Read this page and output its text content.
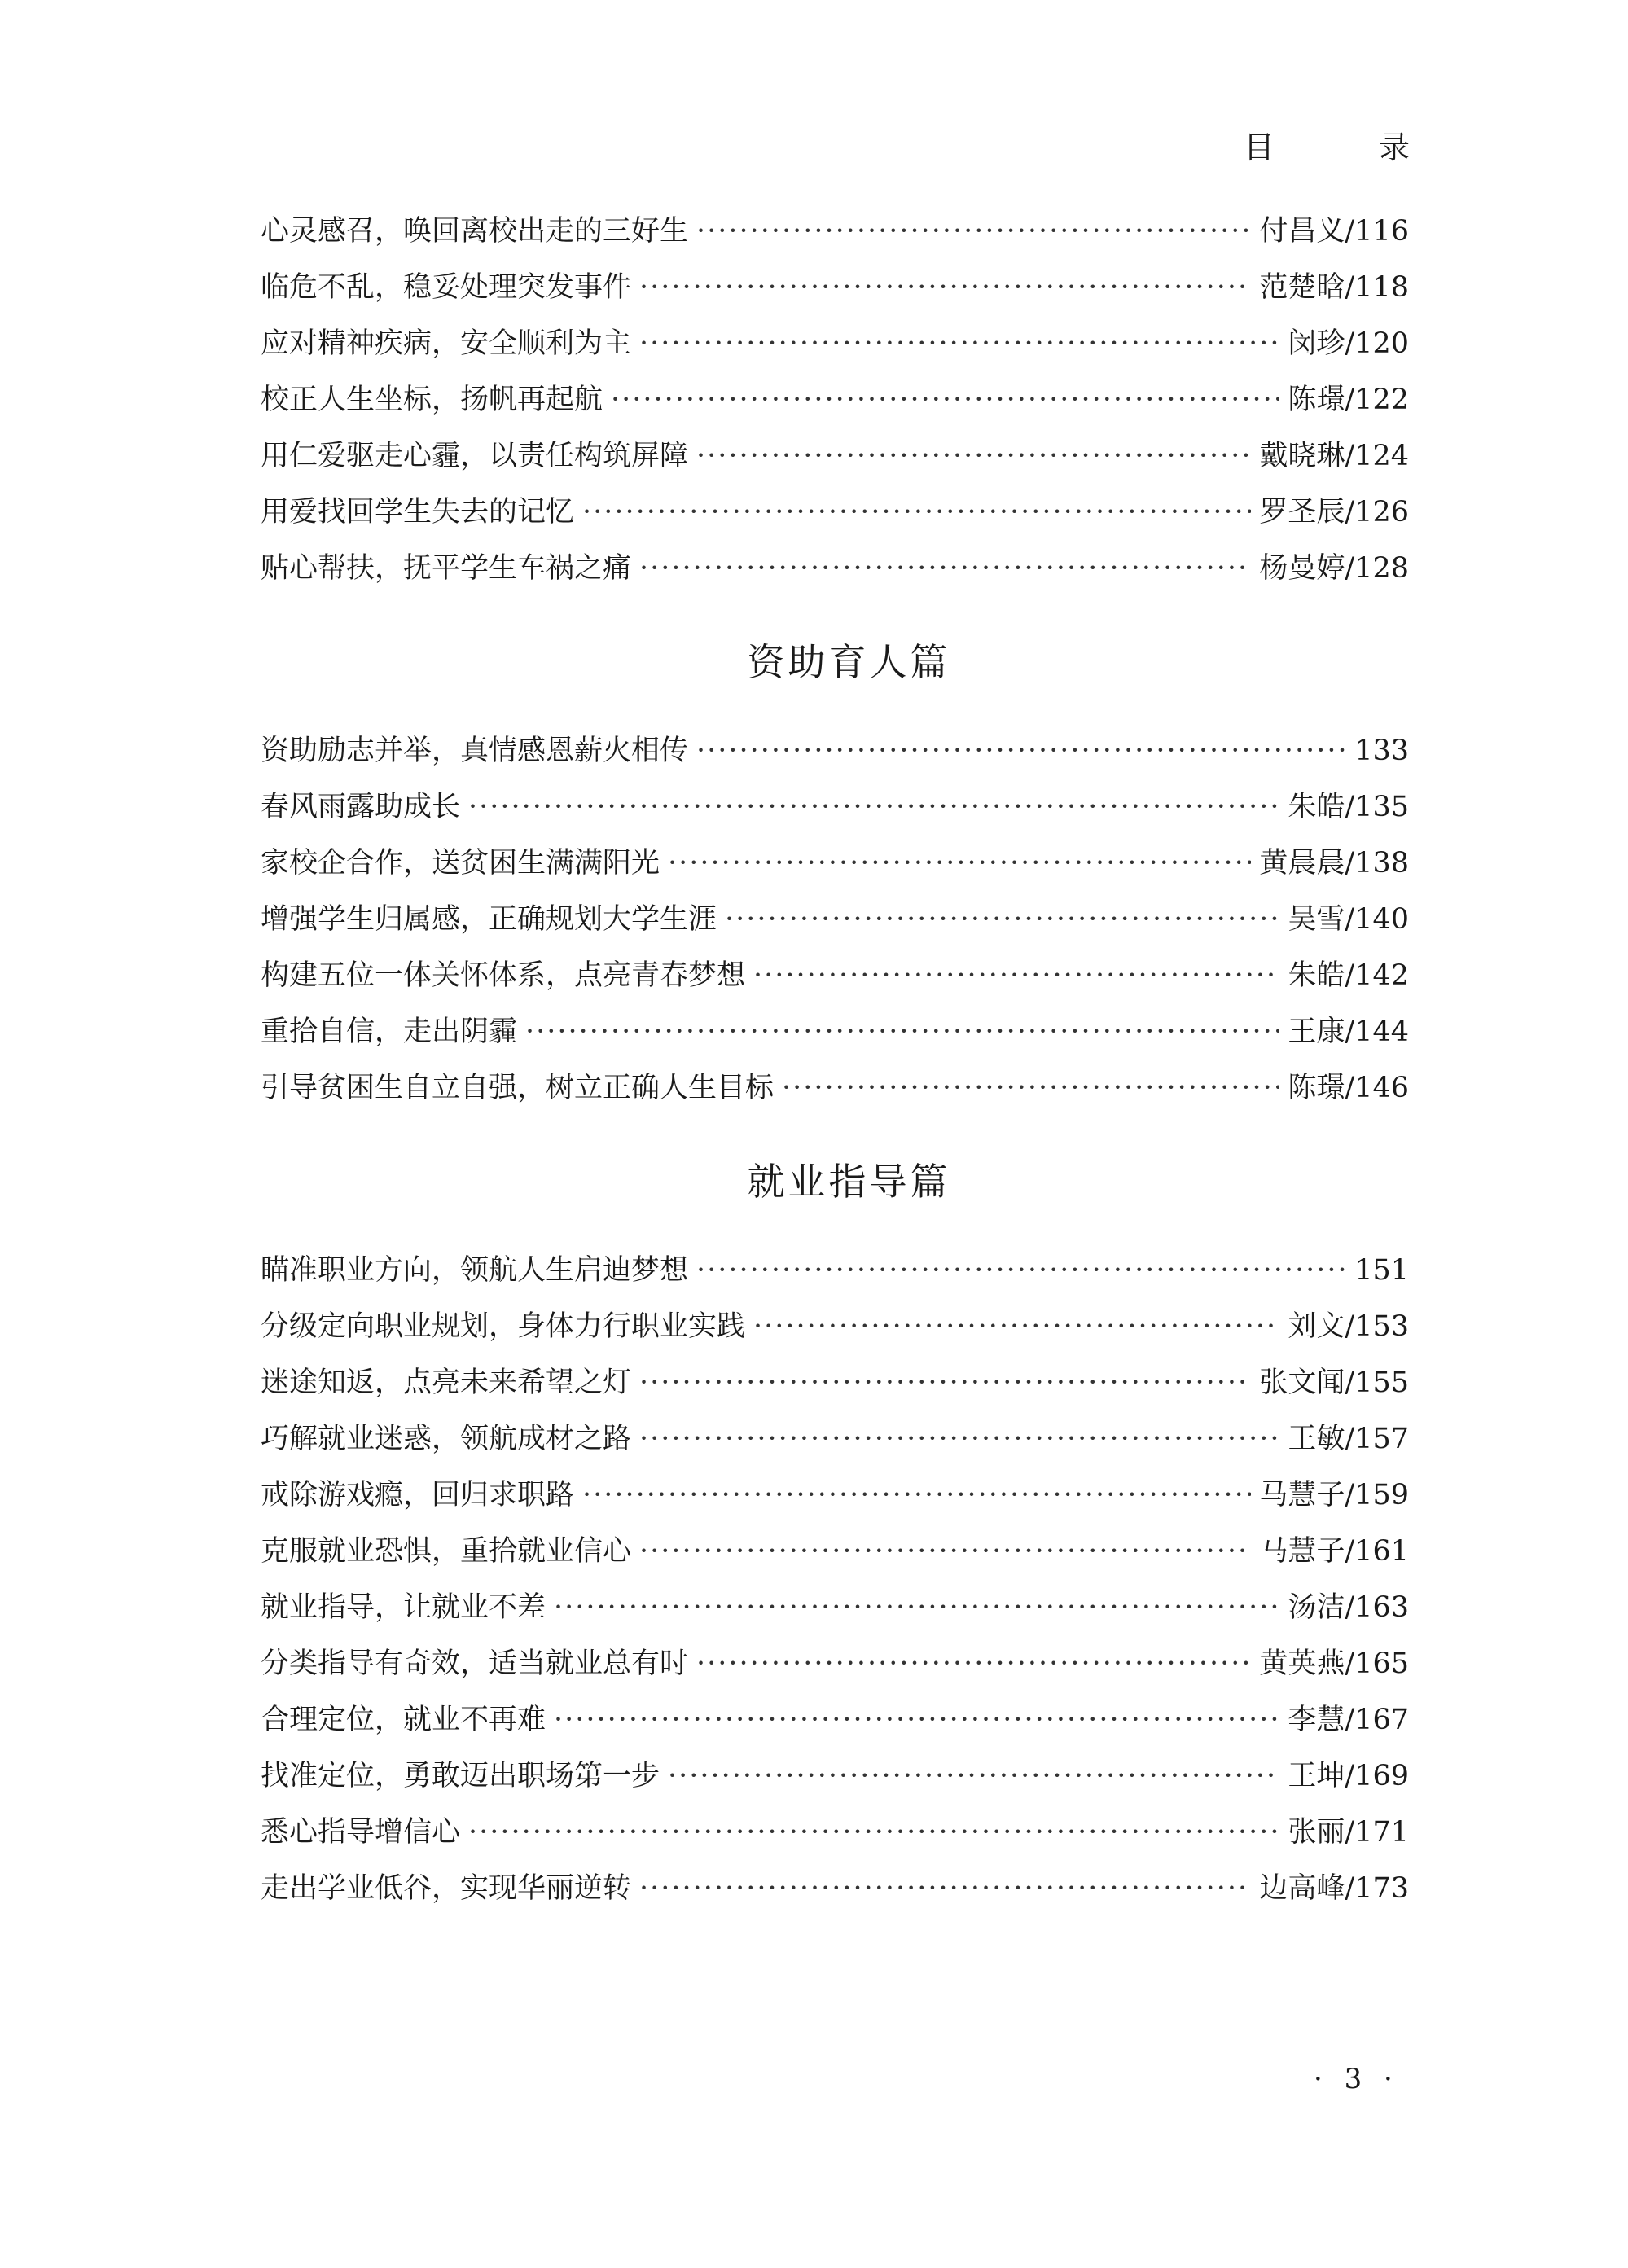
目 录
心灵感召，唤回离校出走的三好生 ·····	付昌义/116
临危不乱，稳妥处理突发事件 ·····	范楚晗/118
应对精神疾病，安全顺利为主 ·····	闵珍/120
校正人生坐标，扬帆再起航 ·····	陈璟/122
用仁爱驱走心霾，以责任构筑屏障 ·····	戴晓琳/124
用爱找回学生失去的记忆 ·····	罗圣辰/126
贴心帮扶，抚平学生车祸之痛 ·····	杨曼婷/128
资助育人篇
资助励志并举，真情感恩薪火相传 ·····	133
春风雨露助成长 ·····	朱皓/135
家校企合作，送贫困生满满阳光 ·····	黄晨晨/138
增强学生归属感，正确规划大学生涯 ·····	吴雪/140
构建五位一体关怀体系，点亮青春梦想 ·····	朱皓/142
重拾自信，走出阴霾 ·····	王康/144
引导贫困生自立自强，树立正确人生目标 ·····	陈璟/146
就业指导篇
瞄准职业方向，领航人生启迪梦想 ·····	151
分级定向职业规划，身体力行职业实践 ·····	刘文/153
迷途知返，点亮未来希望之灯 ·····	张文闻/155
巧解就业迷惑，领航成材之路 ·····	王敏/157
戒除游戏瘾，回归求职路 ·····	马慧子/159
克服就业恐惧，重拾就业信心 ·····	马慧子/161
就业指导，让就业不差 ·····	汤洁/163
分类指导有奇效，适当就业总有时 ·····	黄英燕/165
合理定位，就业不再难 ·····	李慧/167
找准定位，勇敢迈出职场第一步 ·····	王坤/169
悉心指导增信心 ·····	张丽/171
走出学业低谷，实现华丽逆转 ·····	边高峰/173
· 3 ·
